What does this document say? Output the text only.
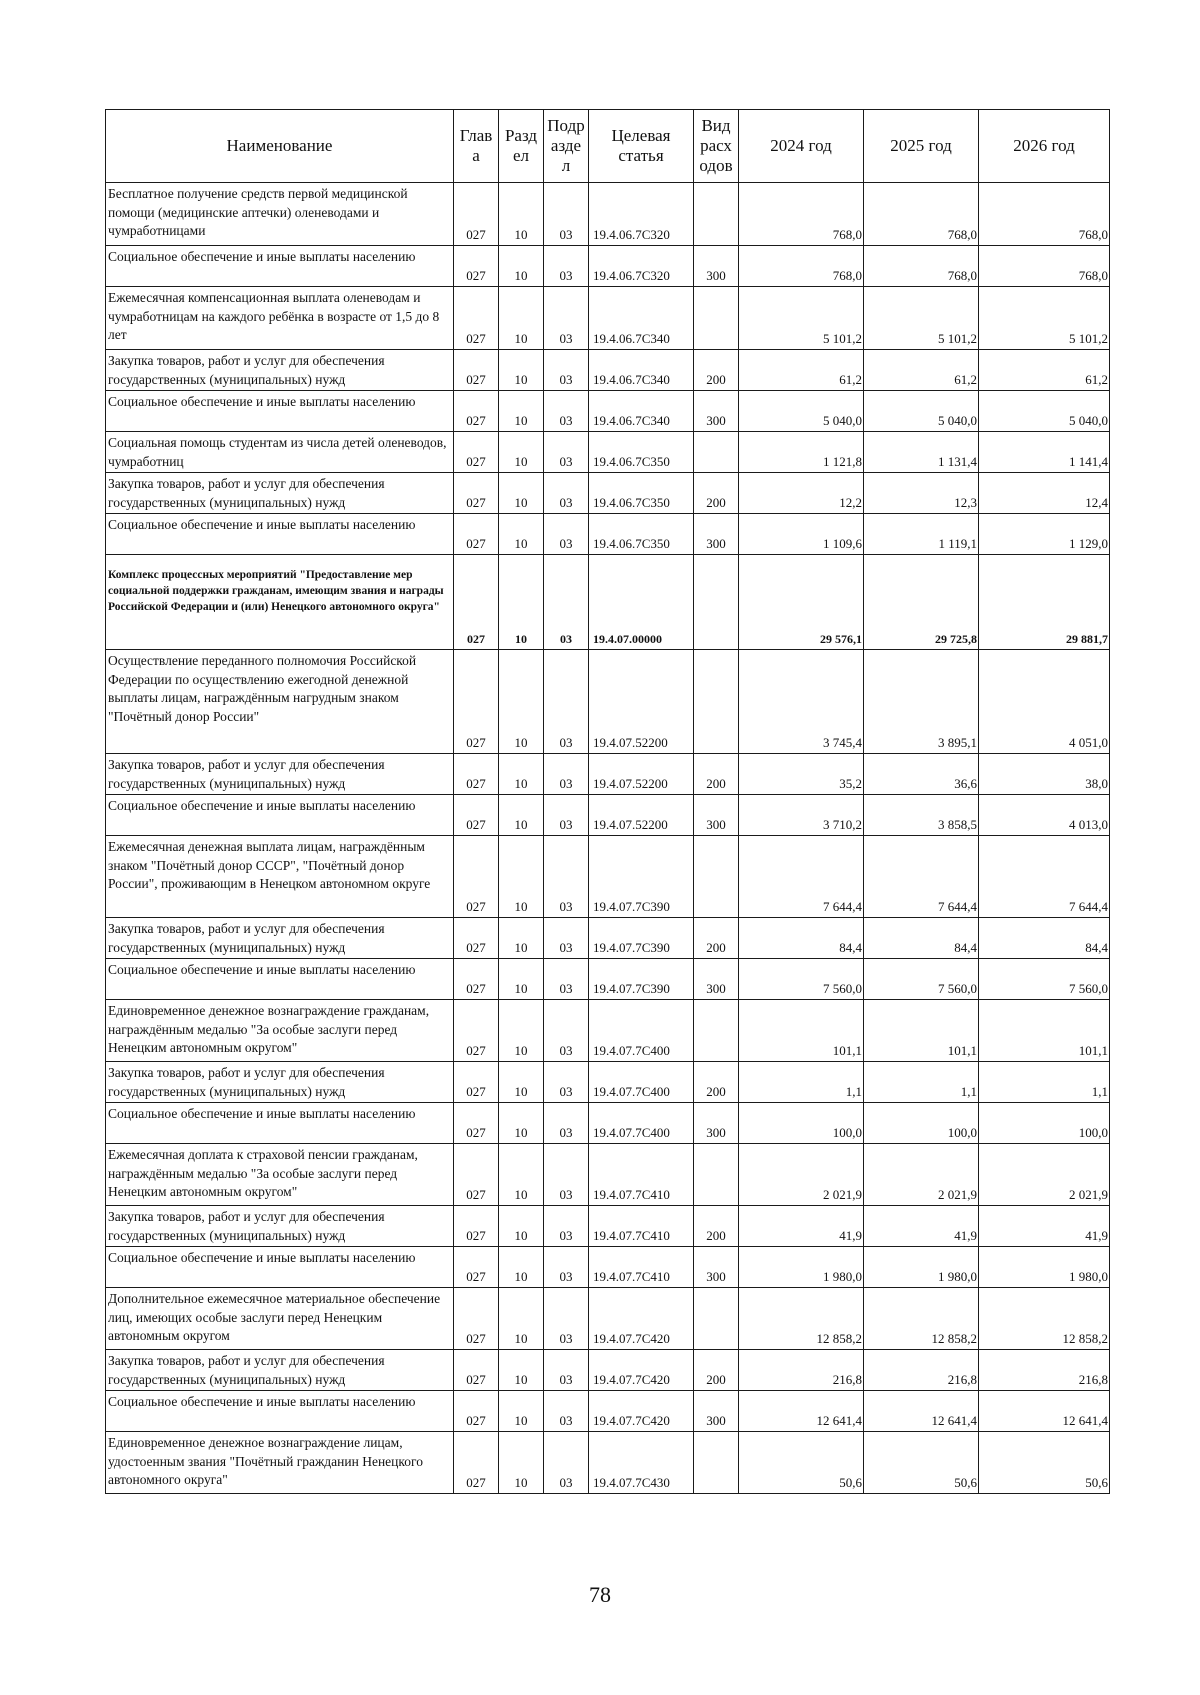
Наименование	Глав а	Разд ел	Подр азде л	Целевая статья	Вид расх одов	2024 год	2025 год	2026 год
Бесплатное получение средств первой медицинской помощи (медицинские аптечки) оленеводами и чумработницами	027	10	03	19.4.06.7С320		768,0	768,0	768,0
Социальное обеспечение и иные выплаты населению	027	10	03	19.4.06.7С320	300	768,0	768,0	768,0
Ежемесячная компенсационная выплата оленеводам и чумработницам на каждого ребёнка в возрасте от 1,5 до 8 лет	027	10	03	19.4.06.7С340		5 101,2	5 101,2	5 101,2
Закупка товаров, работ и услуг для обеспечения государственных (муниципальных) нужд	027	10	03	19.4.06.7С340	200	61,2	61,2	61,2
Социальное обеспечение и иные выплаты населению	027	10	03	19.4.06.7С340	300	5 040,0	5 040,0	5 040,0
Социальная помощь студентам из числа детей оленеводов, чумработниц	027	10	03	19.4.06.7С350		1 121,8	1 131,4	1 141,4
Закупка товаров, работ и услуг для обеспечения государственных (муниципальных) нужд	027	10	03	19.4.06.7С350	200	12,2	12,3	12,4
Социальное обеспечение и иные выплаты населению	027	10	03	19.4.06.7С350	300	1 109,6	1 119,1	1 129,0
Комплекс процессных мероприятий "Предоставление мер социальной поддержки гражданам, имеющим звания и награды Российской Федерации и (или) Ненецкого автономного округа"	027	10	03	19.4.07.00000		29 576,1	29 725,8	29 881,7
Осуществление переданного полномочия Российской Федерации по осуществлению ежегодной денежной выплаты лицам, награждённым нагрудным знаком "Почётный донор России"	027	10	03	19.4.07.52200		3 745,4	3 895,1	4 051,0
Закупка товаров, работ и услуг для обеспечения государственных (муниципальных) нужд	027	10	03	19.4.07.52200	200	35,2	36,6	38,0
Социальное обеспечение и иные выплаты населению	027	10	03	19.4.07.52200	300	3 710,2	3 858,5	4 013,0
Ежемесячная денежная выплата лицам, награждённым знаком "Почётный донор СССР", "Почётный донор России", проживающим в Ненецком автономном округе	027	10	03	19.4.07.7С390		7 644,4	7 644,4	7 644,4
Закупка товаров, работ и услуг для обеспечения государственных (муниципальных) нужд	027	10	03	19.4.07.7С390	200	84,4	84,4	84,4
Социальное обеспечение и иные выплаты населению	027	10	03	19.4.07.7С390	300	7 560,0	7 560,0	7 560,0
Единовременное денежное вознаграждение гражданам, награждённым медалью "За особые заслуги перед Ненецким автономным округом"	027	10	03	19.4.07.7С400		101,1	101,1	101,1
Закупка товаров, работ и услуг для обеспечения государственных (муниципальных) нужд	027	10	03	19.4.07.7С400	200	1,1	1,1	1,1
Социальное обеспечение и иные выплаты населению	027	10	03	19.4.07.7С400	300	100,0	100,0	100,0
Ежемесячная доплата к страховой пенсии гражданам, награждённым медалью "За особые заслуги перед Ненецким автономным округом"	027	10	03	19.4.07.7С410		2 021,9	2 021,9	2 021,9
Закупка товаров, работ и услуг для обеспечения государственных (муниципальных) нужд	027	10	03	19.4.07.7С410	200	41,9	41,9	41,9
Социальное обеспечение и иные выплаты населению	027	10	03	19.4.07.7С410	300	1 980,0	1 980,0	1 980,0
Дополнительное ежемесячное материальное обеспечение лиц, имеющих особые заслуги перед Ненецким автономным округом	027	10	03	19.4.07.7С420		12 858,2	12 858,2	12 858,2
Закупка товаров, работ и услуг для обеспечения государственных (муниципальных) нужд	027	10	03	19.4.07.7С420	200	216,8	216,8	216,8
Социальное обеспечение и иные выплаты населению	027	10	03	19.4.07.7С420	300	12 641,4	12 641,4	12 641,4
Единовременное денежное вознаграждение лицам, удостоенным звания "Почётный гражданин Ненецкого автономного округа"	027	10	03	19.4.07.7С430		50,6	50,6	50,6
78
